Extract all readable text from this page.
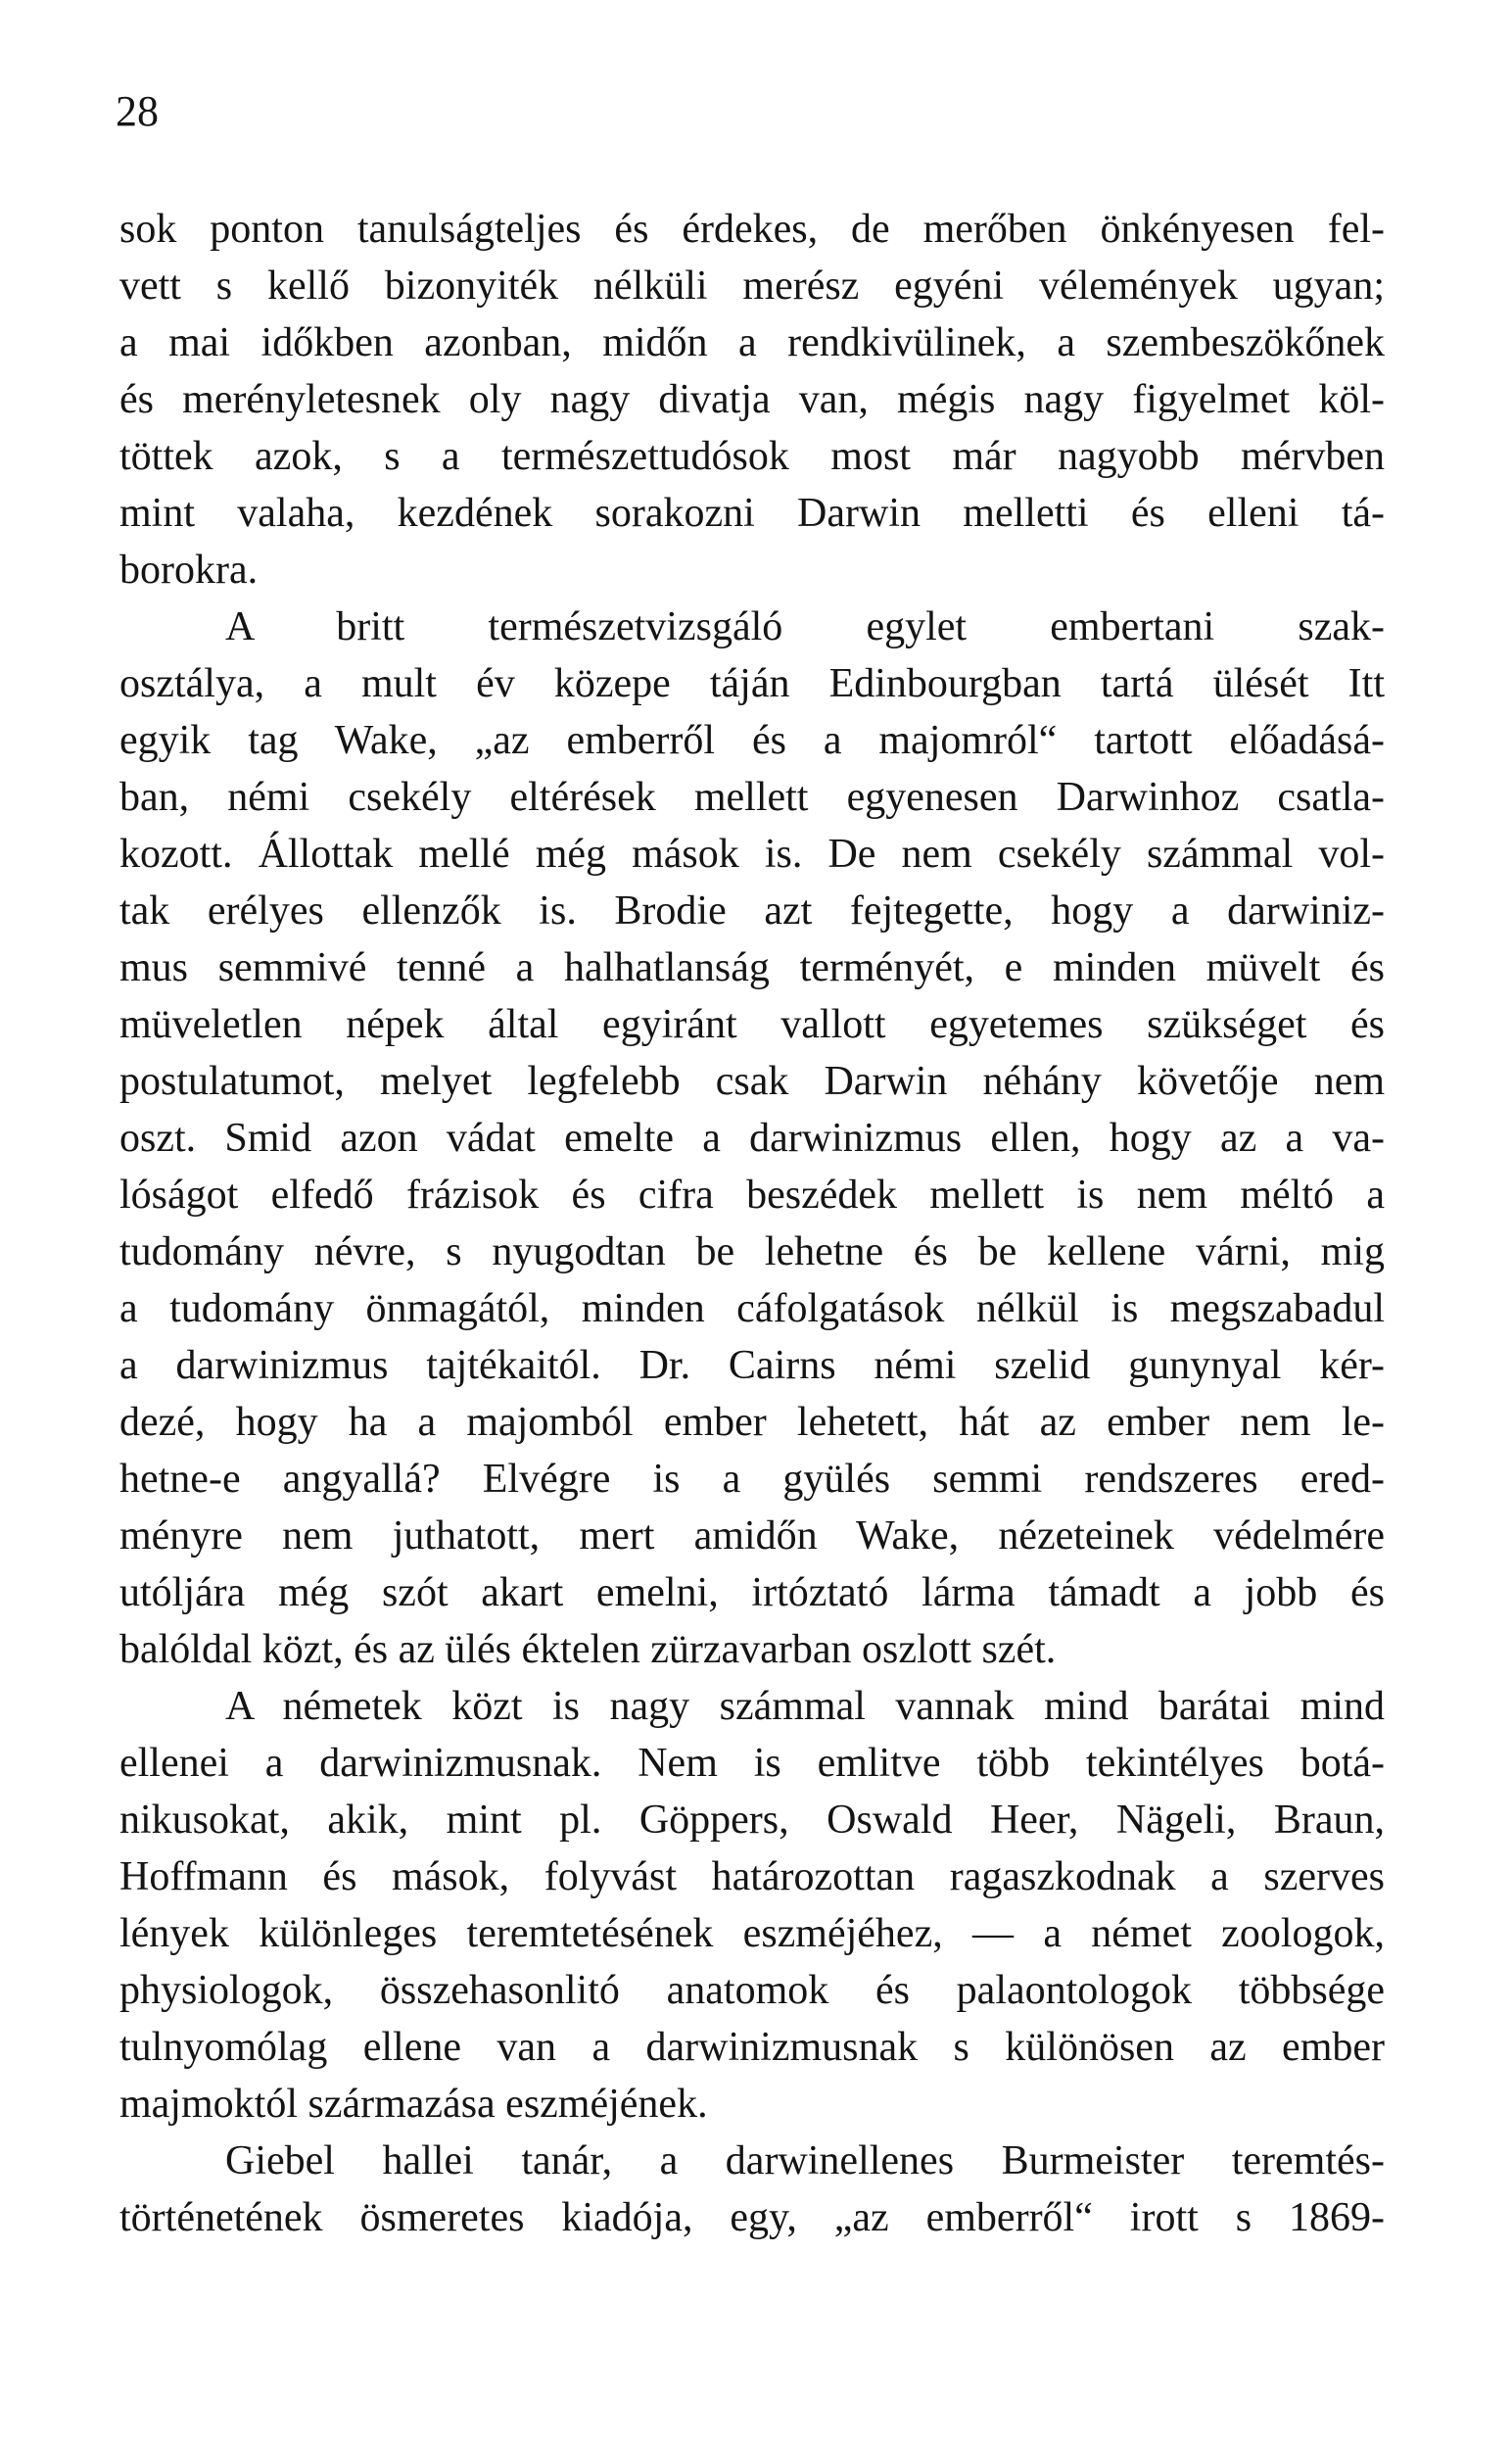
28
sok ponton tanulságteljes és érdekes, de merőben önkényesen fel-
vett s kellő bizonyiték nélküli merész egyéni vélemények ugyan;
a mai időkben azonban, midőn a rendkivülinek, a szembeszökőnek
és merényletesnek oly nagy divatja van, mégis nagy figyelmet köl-
töttek azok, s a természettudósok most már nagyobb mérvben
mint valaha, kezdének sorakozni Darwin melletti és elleni tá-
borokra.
A britt természetvizsgáló egylet embertani szak-
osztálya, a mult év közepe táján Edinbourgban tartá ülését Itt
egyik tag Wake, „az emberről és a majomról“ tartott előadásá-
ban, némi csekély eltérések mellett egyenesen Darwinhoz csatla-
kozott. Állottak mellé még mások is. De nem csekély számmal vol-
tak erélyes ellenzők is. Brodie azt fejtegette, hogy a darwiniz-
mus semmivé tenné a halhatlanság terményét, e minden müvelt és
müveletlen népek által egyiránt vallott egyetemes szükséget és
postulatumot, melyet legfelebb csak Darwin néhány követője nem
oszt. Smid azon vádat emelte a darwinizmus ellen, hogy az a va-
lóságot elfedő frázisok és cifra beszédek mellett is nem méltó a
tudomány névre, s nyugodtan be lehetne és be kellene várni, mig
a tudomány önmagától, minden cáfolgatások nélkül is megszabadul
a darwinizmus tajtékaitól. Dr. Cairns némi szelid gunynyal kér-
dezé, hogy ha a majomból ember lehetett, hát az ember nem le-
hetne-e angyallá? Elvégre is a gyülés semmi rendszeres ered-
ményre nem juthatott, mert amidőn Wake, nézeteinek védelmére
utóljára még szót akart emelni, irtóztató lárma támadt a jobb és
balóldal közt, és az ülés éktelen zürzavarban oszlott szét.
A németek közt is nagy számmal vannak mind barátai mind
ellenei a darwinizmusnak. Nem is emlitve több tekintélyes botá-
nikusokat, akik, mint pl. Göppers, Oswald Heer, Nägeli, Braun,
Hoffmann és mások, folyvást határozottan ragaszkodnak a szerves
lények különleges teremtetésének eszméjéhez, — a német zoologok,
physiologok, összehasonlitó anatomok és palaontologok többsége
tulnyomólag ellene van a darwinizmusnak s különösen az ember
majmoktól származása eszméjének.
Giebel hallei tanár, a darwinellenes Burmeister teremtés-
történetének ösmeretes kiadója, egy, „az emberről“ irott s 1869-
